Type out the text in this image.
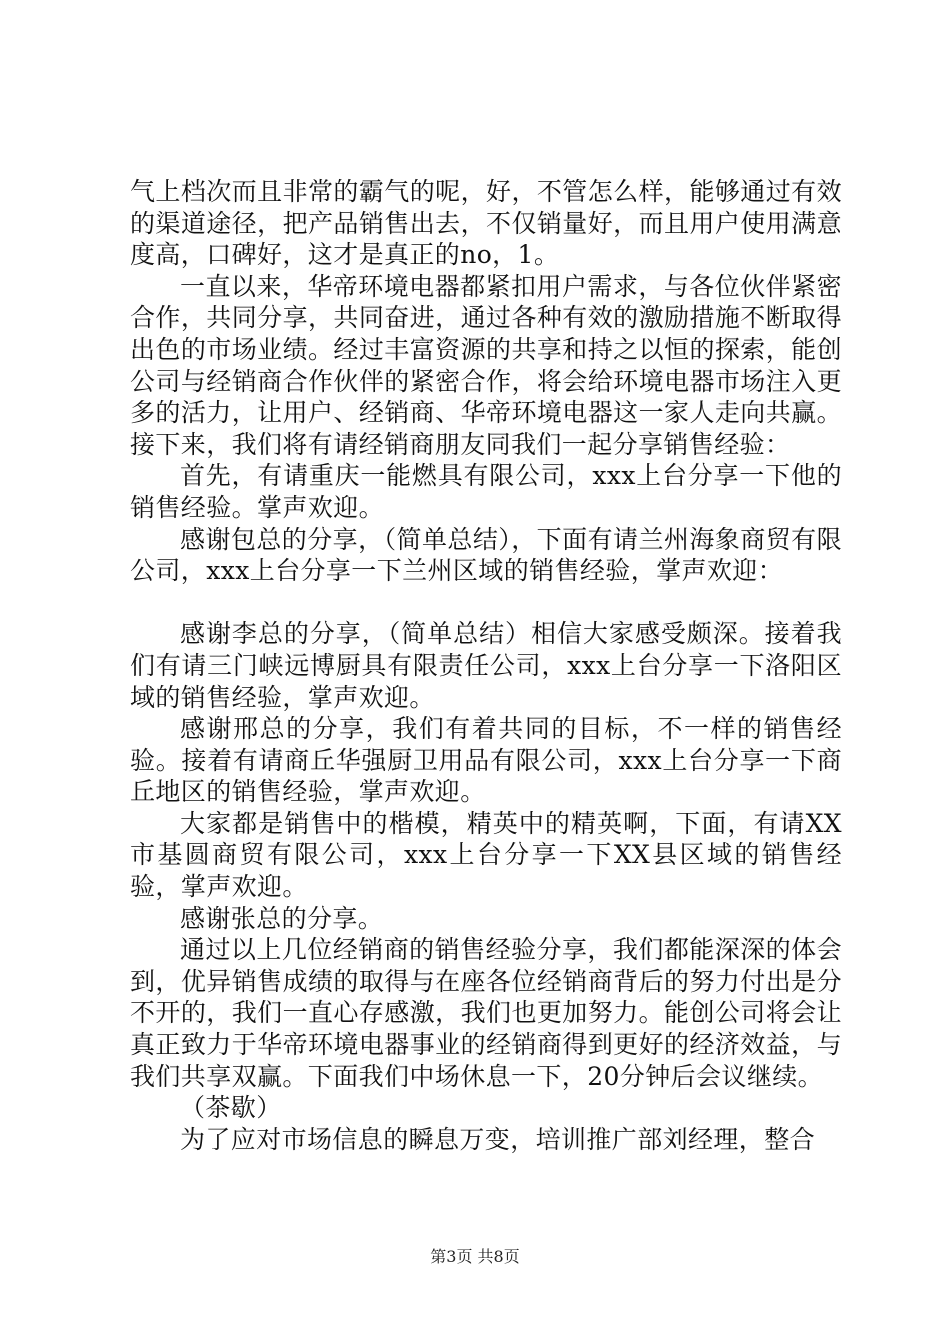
气上档次而且非常的霸气的呢，好，不管怎么样，能够通过有效的渠道途径，把产品销售出去，不仅销量好，而且用户使用满意度高，口碑好，这才是真正的no，1。

一直以来，华帝环境电器都紧扣用户需求，与各位伙伴紧密合作，共同分享，共同奋进，通过各种有效的激励措施不断取得出色的市场业绩。经过丰富资源的共享和持之以恒的探索，能创公司与经销商合作伙伴的紧密合作，将会给环境电器市场注入更多的活力，让用户、经销商、华帝环境电器这一家人走向共赢。接下来，我们将有请经销商朋友同我们一起分享销售经验：

首先，有请重庆一能燃具有限公司，xxx上台分享一下他的销售经验。掌声欢迎。

感谢包总的分享，（简单总结），下面有请兰州海象商贸有限公司，xxx上台分享一下兰州区域的销售经验，掌声欢迎：

感谢李总的分享，（简单总结）相信大家感受颇深。接着我们有请三门峡远博厨具有限责任公司，xxx上台分享一下洛阳区域的销售经验，掌声欢迎。

感谢邢总的分享，我们有着共同的目标，不一样的销售经验。接着有请商丘华强厨卫用品有限公司，xxx上台分享一下商丘地区的销售经验，掌声欢迎。

大家都是销售中的楷模，精英中的精英啊，下面，有请XX市基圆商贸有限公司，xxx上台分享一下XX县区域的销售经验，掌声欢迎。

感谢张总的分享。

通过以上几位经销商的销售经验分享，我们都能深深的体会到，优异销售成绩的取得与在座各位经销商背后的努力付出是分不开的，我们一直心存感激，我们也更加努力。能创公司将会让真正致力于华帝环境电器事业的经销商得到更好的经济效益，与我们共享双赢。下面我们中场休息一下，20分钟后会议继续。

（茶歇）

为了应对市场信息的瞬息万变，培训推广部刘经理，整合

第3页 共8页
